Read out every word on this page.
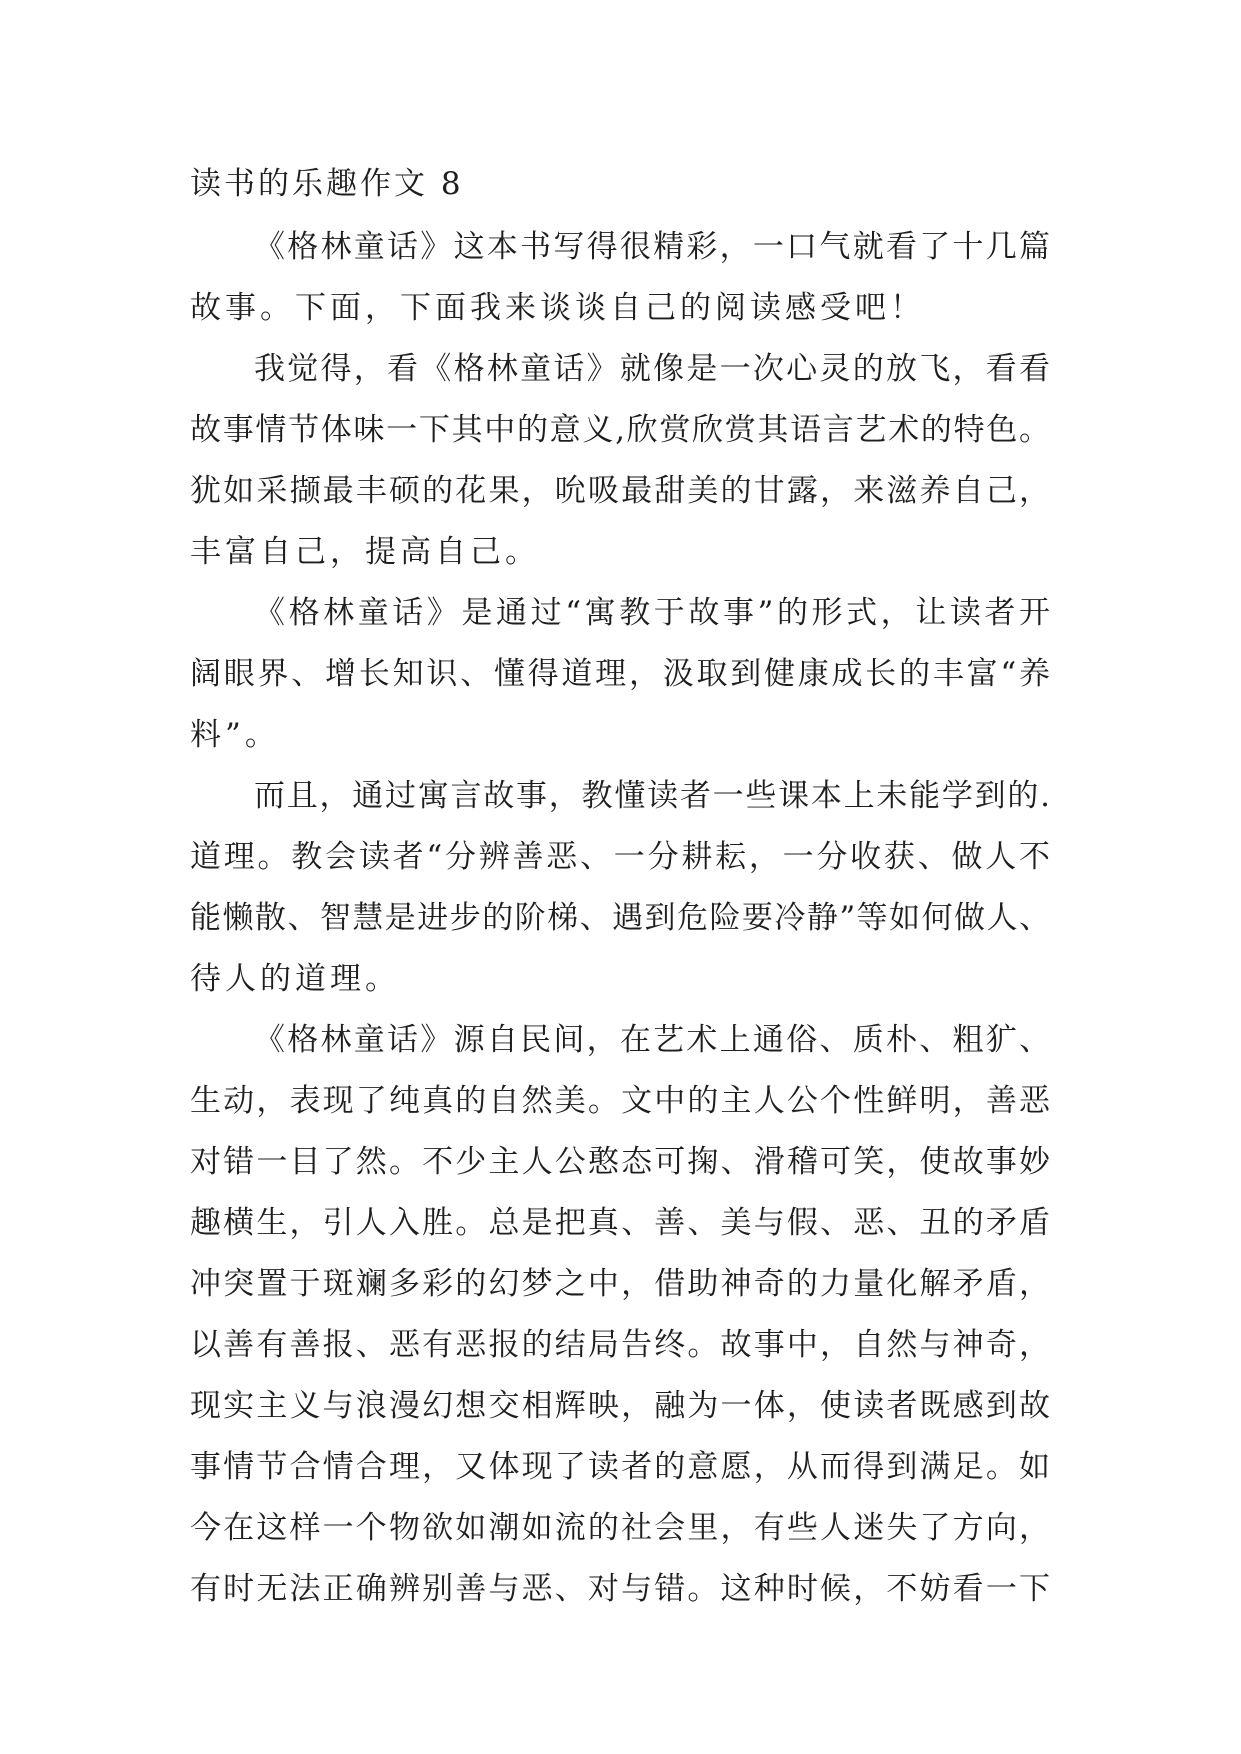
读书的乐趣作文 8

《格林童话》这本书写得很精彩，一口气就看了十几篇
故事。下面，下面我来谈谈自己的阅读感受吧！

我觉得，看《格林童话》就像是一次心灵的放飞，看看
故事情节体味一下其中的意义,欣赏欣赏其语言艺术的特色。
犹如采撷最丰硕的花果，吮吸最甜美的甘露，来滋养自己，
丰富自己，提高自己。

《格林童话》是通过“寓教于故事”的形式，让读者开
阔眼界、增长知识、懂得道理，汲取到健康成长的丰富“养
料”。

而且，通过寓言故事，教懂读者一些课本上未能学到的.
道理。教会读者“分辨善恶、一分耕耘，一分收获、做人不
能懒散、智慧是进步的阶梯、遇到危险要冷静”等如何做人、
待人的道理。

《格林童话》源自民间，在艺术上通俗、质朴、粗犷、
生动，表现了纯真的自然美。文中的主人公个性鲜明，善恶
对错一目了然。不少主人公憨态可掬、滑稽可笑，使故事妙
趣横生，引人入胜。总是把真、善、美与假、恶、丑的矛盾
冲突置于斑斓多彩的幻梦之中，借助神奇的力量化解矛盾，
以善有善报、恶有恶报的结局告终。故事中，自然与神奇，
现实主义与浪漫幻想交相辉映，融为一体，使读者既感到故
事情节合情合理，又体现了读者的意愿，从而得到满足。如
今在这样一个物欲如潮如流的社会里，有些人迷失了方向，
有时无法正确辨别善与恶、对与错。这种时候，不妨看一下
